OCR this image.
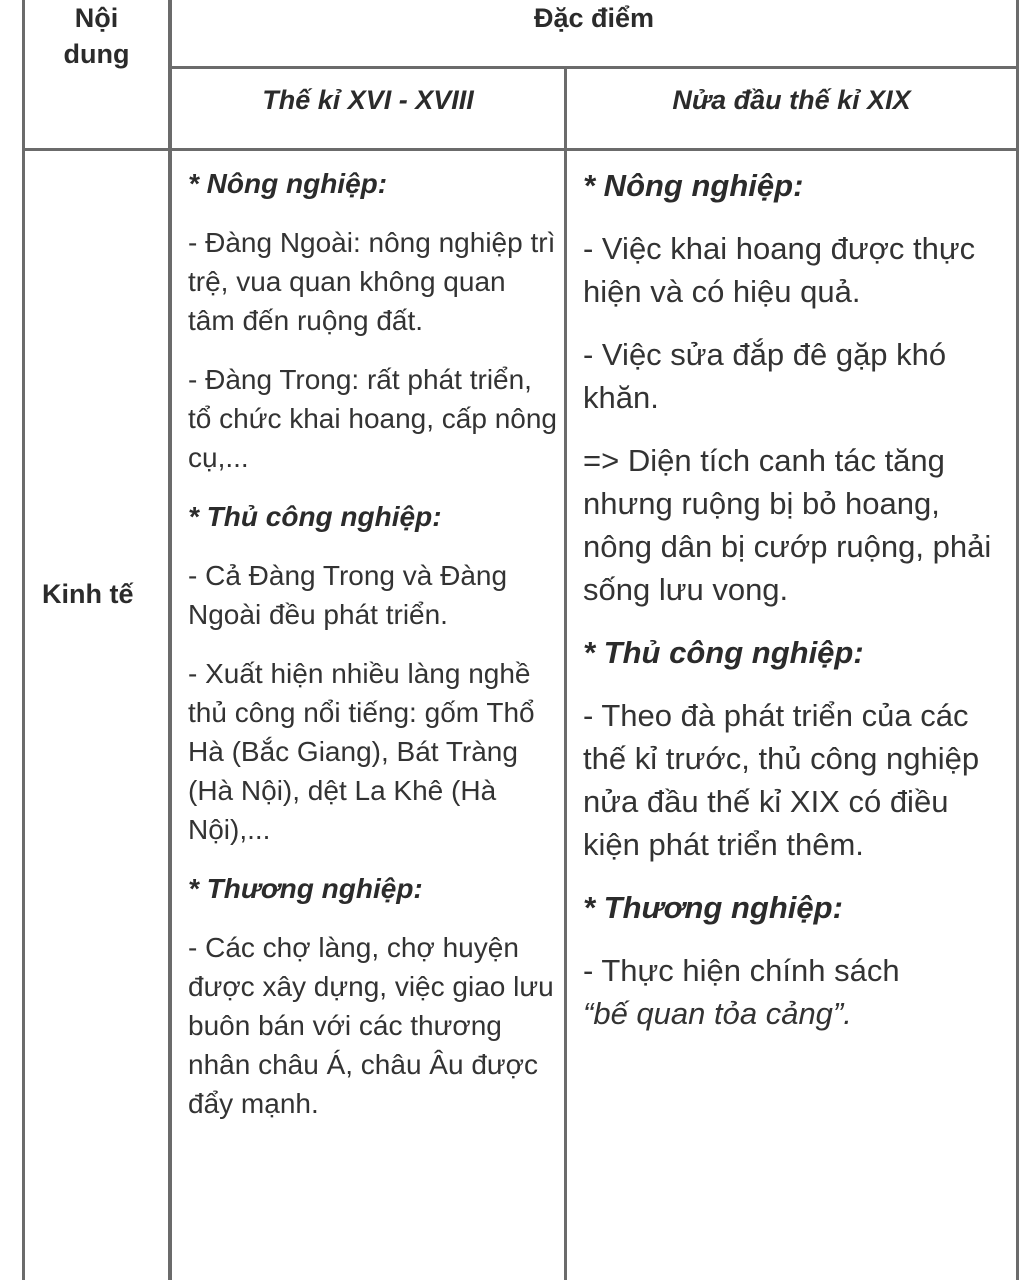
Nội dung
Đặc điểm
Thế kỉ XVI - XVIII	Nửa đầu thế kỉ XIX
Kinh tế

* Nông nghiệp:

- Đàng Ngoài: nông nghiệp trì trệ, vua quan không quan tâm đến ruộng đất.

- Đàng Trong: rất phát triển, tổ chức khai hoang, cấp nông cụ,...

* Thủ công nghiệp:

- Cả Đàng Trong và Đàng Ngoài đều phát triển.

- Xuất hiện nhiều làng nghề thủ công nổi tiếng: gốm Thổ Hà (Bắc Giang), Bát Tràng (Hà Nội), dệt La Khê (Hà Nội),...

* Thương nghiệp:

- Các chợ làng, chợ huyện được xây dựng, việc giao lưu buôn bán với các thương nhân châu Á, châu Âu được đẩy mạnh.

* Nông nghiệp:

- Việc khai hoang được thực hiện và có hiệu quả.

- Việc sửa đắp đê gặp khó khăn.

=> Diện tích canh tác tăng nhưng ruộng bị bỏ hoang, nông dân bị cướp ruộng, phải sống lưu vong.

* Thủ công nghiệp:

- Theo đà phát triển của các thế kỉ trước, thủ công nghiệp nửa đầu thế kỉ XIX có điều kiện phát triển thêm.

* Thương nghiệp:

- Thực hiện chính sách
“bế quan tỏa cảng”.
